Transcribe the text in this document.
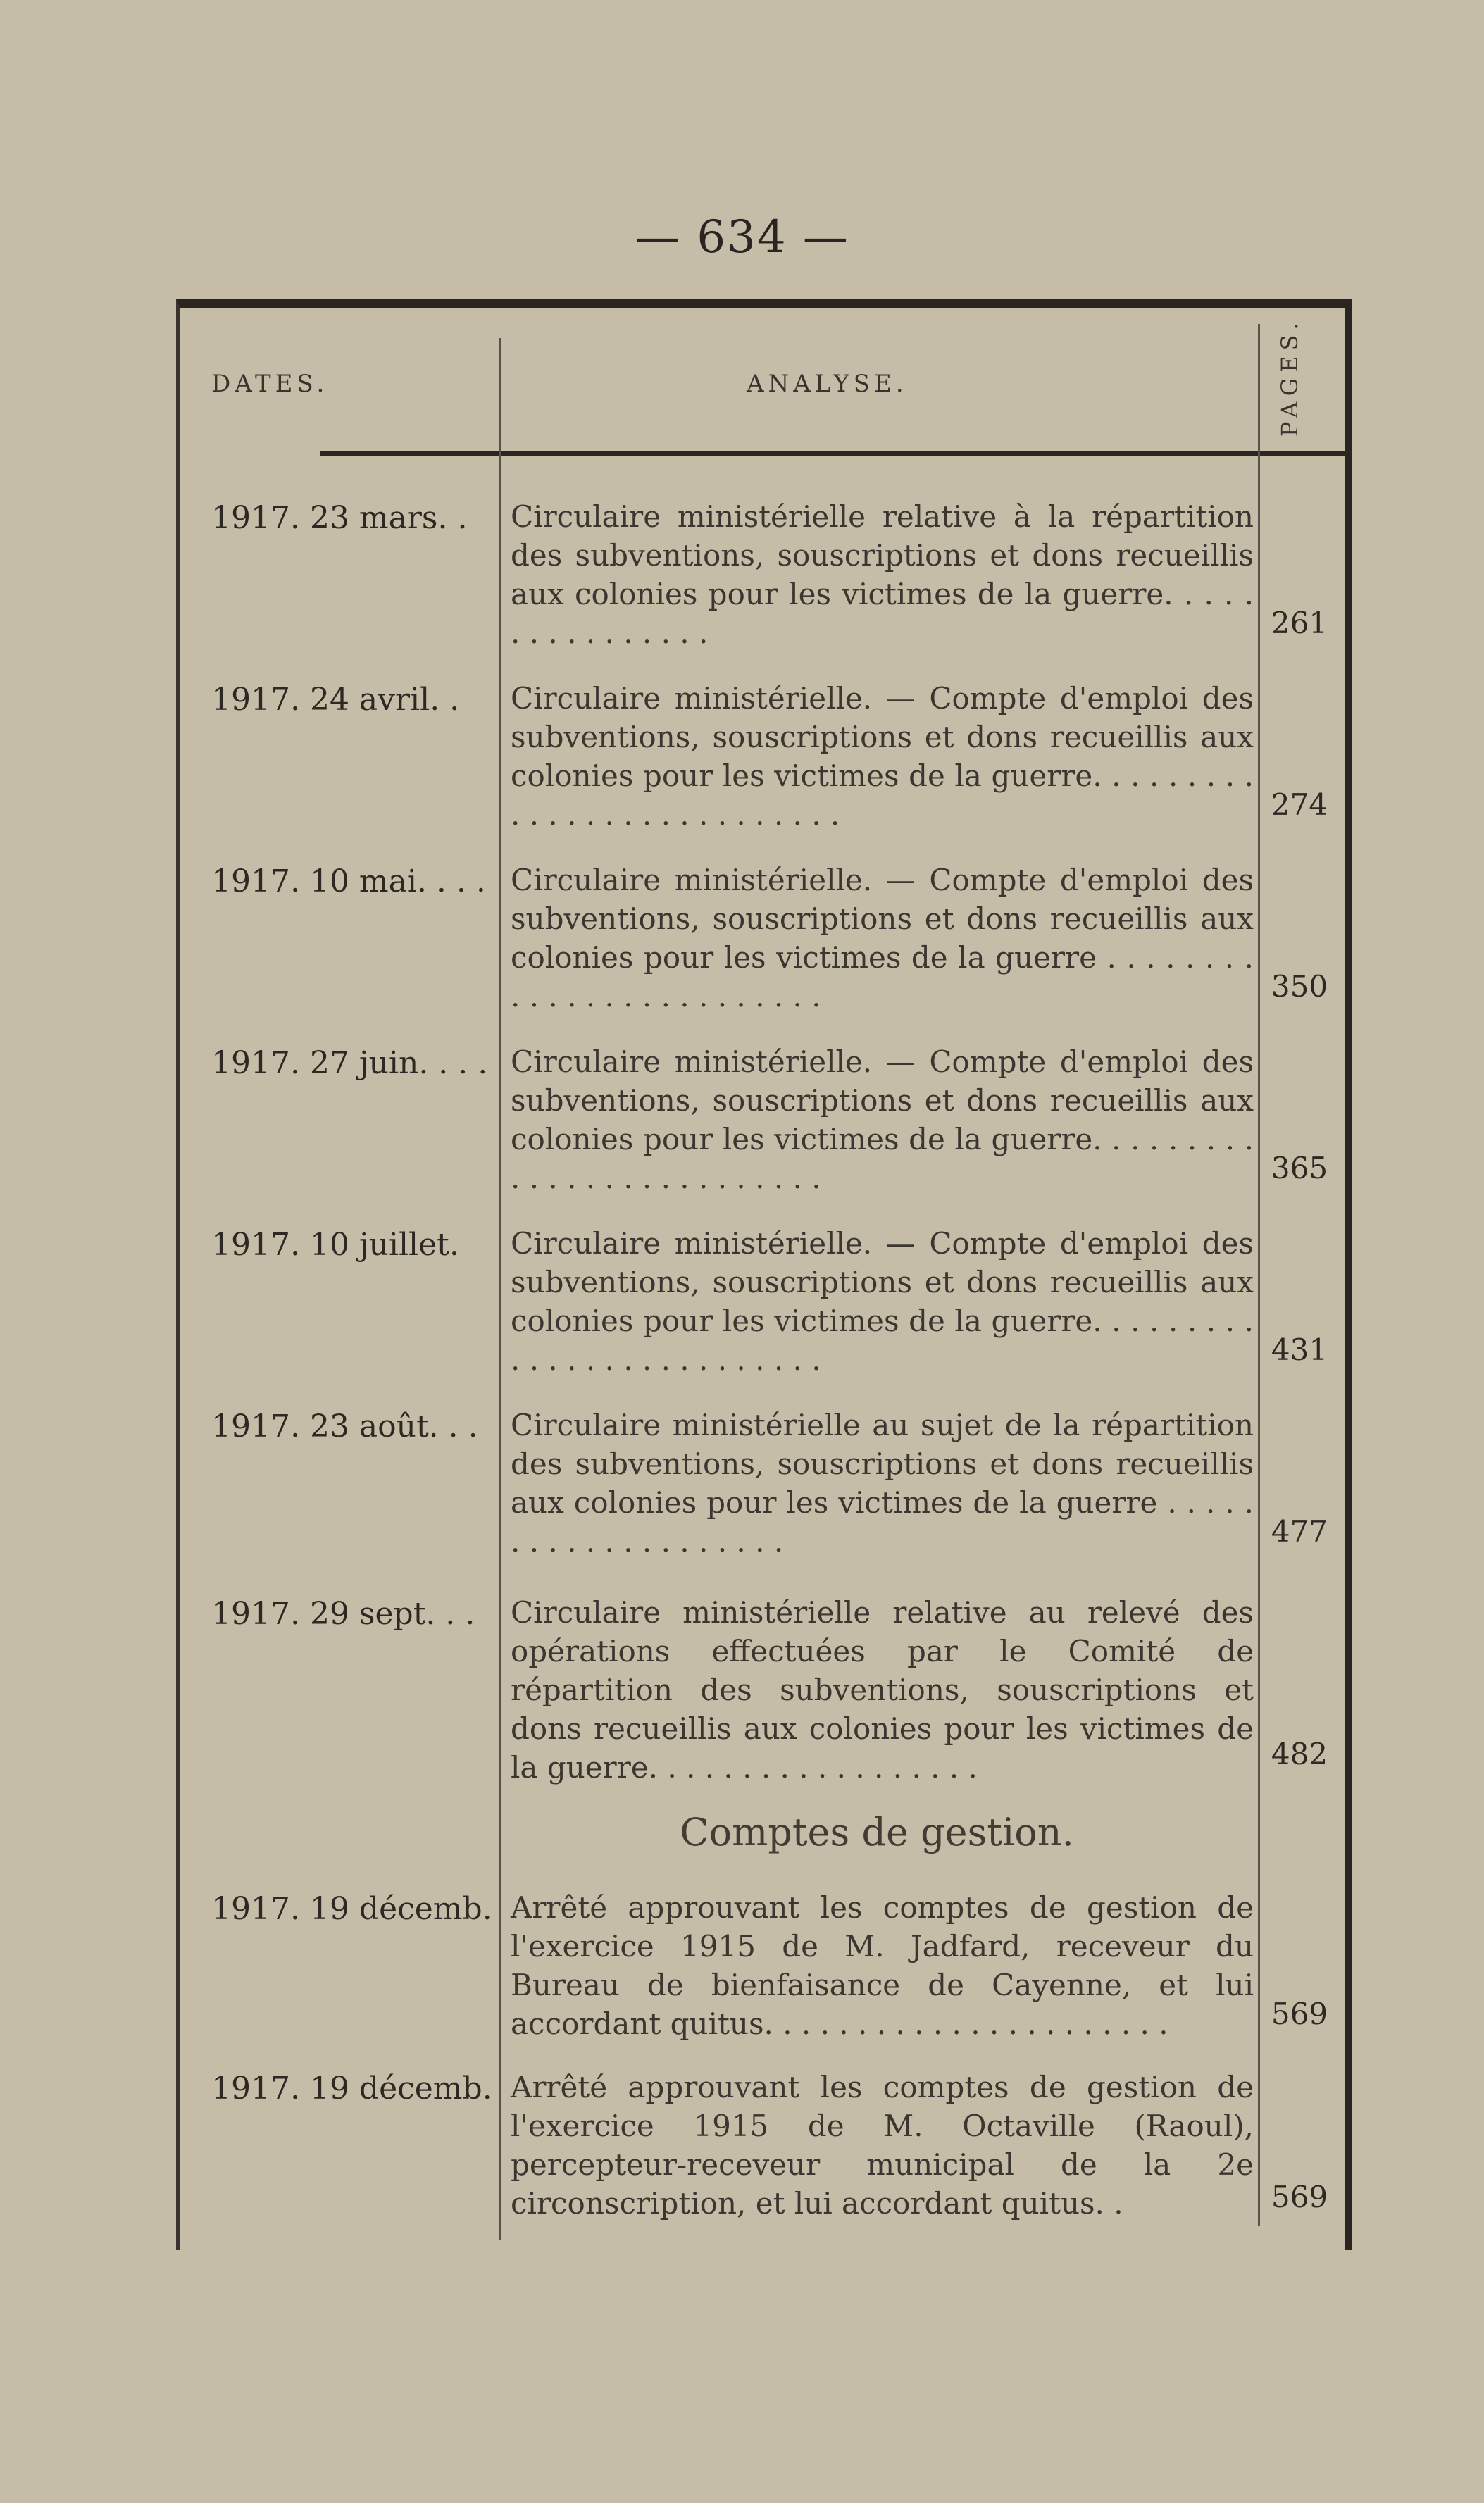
— 634 —
DATES.	ANALYSE.	PAGES.
1917. 23 mars. .	Circulaire ministérielle relative à la répartition des subventions, souscriptions et dons recueillis aux colonies pour les victimes de la guerre. . . . . . . . . . . . . . . .	261
1917. 24 avril. .	Circulaire ministérielle. — Compte d'emploi des subventions, souscriptions et dons recueillis aux colonies pour les victimes de la guerre. . . . . . . . . . . . . . . . . . . . . . . . . . .	274
1917. 10 mai. . . . Circulaire ministérielle. — Compte d'emploi des subventions, souscriptions et dons recueillis aux colonies pour les victimes de la guerre . . . . . . . . . . . . . . . . . . . . . . . . .	350
1917. 27 juin. . . . Circulaire ministérielle. — Compte d'emploi des subventions, souscriptions et dons recueillis aux colonies pour les victimes de la guerre. . . . . . . . . . . . . . . . . . . . . . . . . .	365
1917. 10 juillet.	Circulaire ministérielle. — Compte d'emploi des subventions, souscriptions et dons recueillis aux colonies pour les victimes de la guerre. . . . . . . . . . . . . . . . . . . . . . . . . .	431
1917. 23 août. . .	Circulaire ministérielle au sujet de la répartition des subventions, souscriptions et dons recueillis aux colonies pour les victimes de la guerre . . . . . . . . . . . . . . . . . . . .	477
1917. 29 sept. . .	Circulaire ministérielle relative au relevé des opérations effectuées par le Comité de répartition des subventions, souscriptions et dons recueillis aux colonies pour les victimes de la guerre. . . . . . . . . . . . . . . . . .	482
Comptes de gestion.
1917. 19 décemb. Arrêté approuvant les comptes de gestion de l'exercice 1915 de M. Jadfard, receveur du Bureau de bienfaisance de Cayenne, et lui accordant quitus. . . . . . . . . . . . . . . . . . . . . .	569
1917. 19 décemb. Arrêté approuvant les comptes de gestion de l'exercice 1915 de M. Octaville (Raoul), percepteur-receveur municipal de la 2e circonscription, et lui accordant quitus. .	569
